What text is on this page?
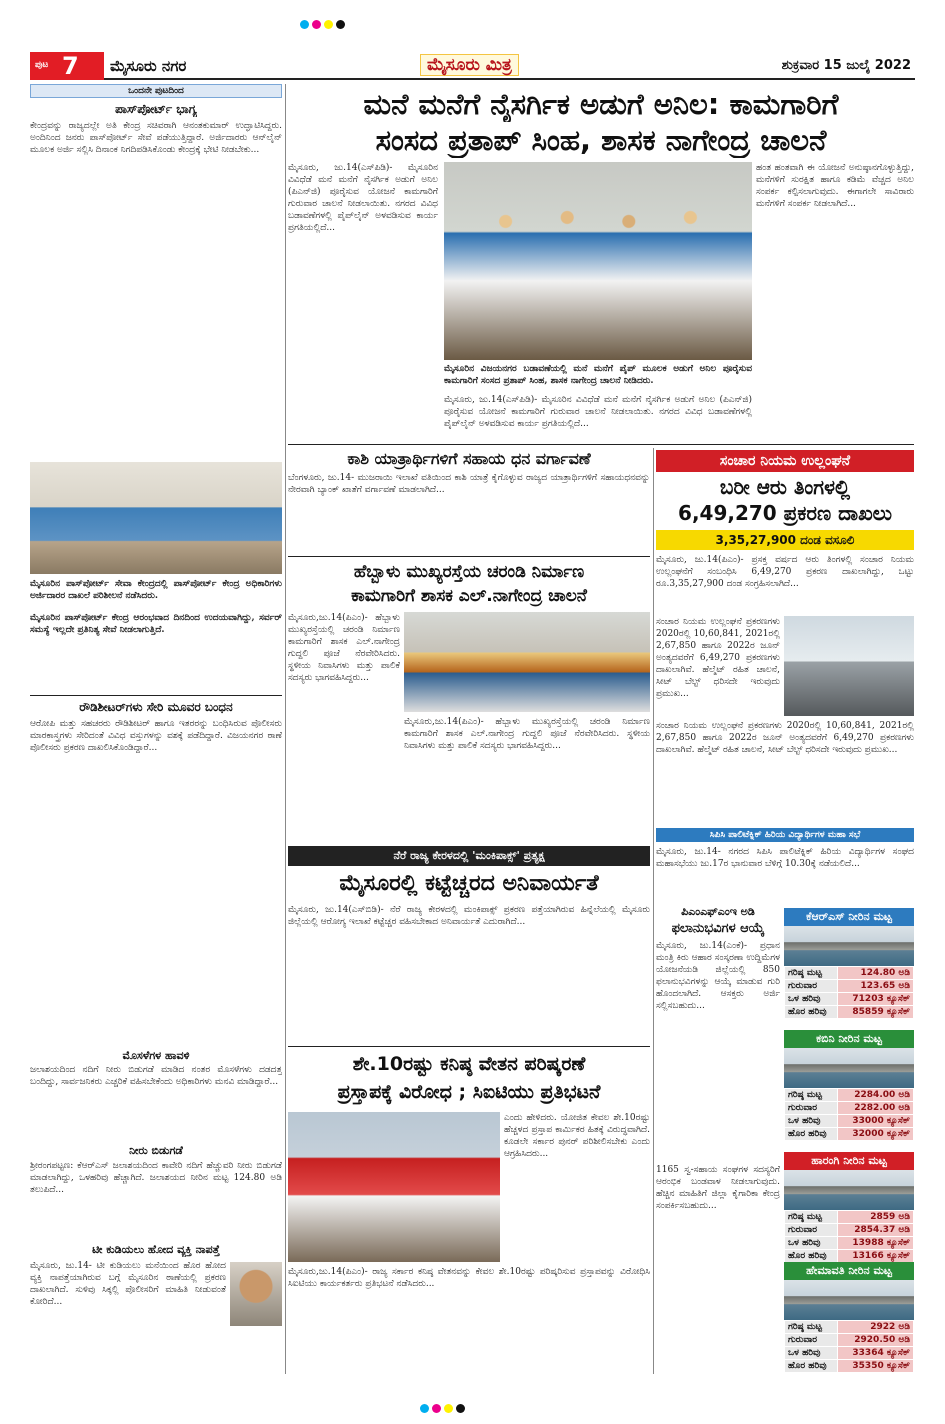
ಪುಟ 7 ಮೈಸೂರು ನಗರ	ಮೈಸೂರು ಮಿತ್ರ	ಶುಕ್ರವಾರ 15 ಜುಲೈ 2022
ಒಂದನೇ ಪುಟದಿಂದ
ಪಾಸ್‌ಪೋರ್ಟ್ ಭಾಗ್ಯ
ಕೇಂದ್ರವನ್ನು ರಾಜ್ಯದಲ್ಲೇ ಅತಿ ಕೇಂದ್ರ ಸಚಿವರಾಗಿ ಆನಂತಕುಮಾರ್ ಉದ್ಘಾಟಿಸಿದ್ದರು. ಅಂದಿನಿಂದ ಜನರು ಪಾಸ್‌ಪೋರ್ಟ್ ಸೇವೆ ಪಡೆಯುತ್ತಿದ್ದಾರೆ. ಅರ್ಜಿದಾರರು ಆನ್‌ಲೈನ್ ಮೂಲಕ ಅರ್ಜಿ ಸಲ್ಲಿಸಿ ದಿನಾಂಕ ನಿಗದಿಪಡಿಸಿಕೊಂಡು ಕೇಂದ್ರಕ್ಕೆ ಭೇಟಿ ನೀಡಬೇಕು...
ಮೈಸೂರಿನ ಪಾಸ್‌ಪೋರ್ಟ್ ಸೇವಾ ಕೇಂದ್ರದಲ್ಲಿ ಪಾಸ್‌ಪೋರ್ಟ್ ಕೇಂದ್ರ ಅಧಿಕಾರಿಗಳು ಅರ್ಜಿದಾರರ ದಾಖಲೆ ಪರಿಶೀಲನೆ ನಡೆಸಿದರು.
ಮೈಸೂರಿನ ಪಾಸ್‌ಪೋರ್ಟ್ ಕೇಂದ್ರ ಆರಂಭವಾದ ದಿನದಿಂದ ಉದಯವಾಗಿದ್ದು, ಸರ್ವರ್ ಸಮಸ್ಯೆ ಇಲ್ಲದೇ ಪ್ರತಿನಿತ್ಯ ಸೇವೆ ನೀಡಲಾಗುತ್ತಿದೆ.
ರೌಡಿಶೀಟರ್‌ಗಳು ಸೇರಿ ಮೂವರ ಬಂಧನ
ಆರೋಪಿ ಮತ್ತು ಸಹಚರರು ರೌಡಿಶೀಟರ್ ಹಾಗೂ ಇತರರನ್ನು ಬಂಧಿಸಿರುವ ಪೊಲೀಸರು ಮಾರಕಾಸ್ತ್ರಗಳು ಸೇರಿದಂತೆ ವಿವಿಧ ವಸ್ತುಗಳನ್ನು ವಶಕ್ಕೆ ಪಡೆದಿದ್ದಾರೆ. ವಿಜಯನಗರ ಠಾಣೆ ಪೊಲೀಸರು ಪ್ರಕರಣ ದಾಖಲಿಸಿಕೊಂಡಿದ್ದಾರೆ...
ಮೊಸಳೆಗಳ ಹಾವಳಿ
ಜಲಾಶಯದಿಂದ ನದಿಗೆ ನೀರು ಬಿಡುಗಡೆ ಮಾಡಿದ ನಂತರ ಮೊಸಳೆಗಳು ದಡದತ್ತ ಬಂದಿದ್ದು, ಸಾರ್ವಜನಿಕರು ಎಚ್ಚರಿಕೆ ವಹಿಸಬೇಕೆಂದು ಅಧಿಕಾರಿಗಳು ಮನವಿ ಮಾಡಿದ್ದಾರೆ...
ನೀರು ಬಿಡುಗಡೆ
ಶ್ರೀರಂಗಪಟ್ಟಣ: ಕೆಆರ್‌ಎಸ್ ಜಲಾಶಯದಿಂದ ಕಾವೇರಿ ನದಿಗೆ ಹೆಚ್ಚುವರಿ ನೀರು ಬಿಡುಗಡೆ ಮಾಡಲಾಗಿದ್ದು, ಒಳಹರಿವು ಹೆಚ್ಚಾಗಿದೆ. ಜಲಾಶಯದ ನೀರಿನ ಮಟ್ಟ 124.80 ಅಡಿ ತಲುಪಿದೆ...
ಟೀ ಕುಡಿಯಲು ಹೋದ ವ್ಯಕ್ತಿ ನಾಪತ್ತೆ
ಮೈಸೂರು, ಜು.14- ಟೀ ಕುಡಿಯಲು ಮನೆಯಿಂದ ಹೊರ ಹೋದ ವ್ಯಕ್ತಿ ನಾಪತ್ತೆಯಾಗಿರುವ ಬಗ್ಗೆ ಮೈಸೂರಿನ ಠಾಣೆಯಲ್ಲಿ ಪ್ರಕರಣ ದಾಖಲಾಗಿದೆ. ಸುಳಿವು ಸಿಕ್ಕಲ್ಲಿ ಪೊಲೀಸರಿಗೆ ಮಾಹಿತಿ ನೀಡುವಂತೆ ಕೋರಿದೆ...
ಮನೆ ಮನೆಗೆ ನೈಸರ್ಗಿಕ ಅಡುಗೆ ಅನಿಲ: ಕಾಮಗಾರಿಗೆ
ಸಂಸದ ಪ್ರತಾಪ್ ಸಿಂಹ, ಶಾಸಕ ನಾಗೇಂದ್ರ ಚಾಲನೆ
ಮೈಸೂರು, ಜು.14(ಎಸ್‌ಪಿಡಿ)- ಮೈಸೂರಿನ ವಿವಿಧೆಡೆ ಮನೆ ಮನೆಗೆ ನೈಸರ್ಗಿಕ ಅಡುಗೆ ಅನಿಲ (ಪಿಎನ್‌ಜಿ) ಪೂರೈಸುವ ಯೋಜನೆ ಕಾಮಗಾರಿಗೆ ಗುರುವಾರ ಚಾಲನೆ ನೀಡಲಾಯಿತು. ನಗರದ ವಿವಿಧ ಬಡಾವಣೆಗಳಲ್ಲಿ ಪೈಪ್‌ಲೈನ್ ಅಳವಡಿಸುವ ಕಾರ್ಯ ಪ್ರಗತಿಯಲ್ಲಿದೆ...
ಮೈಸೂರಿನ ವಿಜಯನಗರ ಬಡಾವಣೆಯಲ್ಲಿ ಮನೆ ಮನೆಗೆ ಪೈಪ್ ಮೂಲಕ ಅಡುಗೆ ಅನಿಲ ಪೂರೈಸುವ ಕಾಮಗಾರಿಗೆ ಸಂಸದ ಪ್ರತಾಪ್ ಸಿಂಹ, ಶಾಸಕ ನಾಗೇಂದ್ರ ಚಾಲನೆ ನೀಡಿದರು.
ಮೈಸೂರು, ಜು.14(ಎಸ್‌ಪಿಡಿ)- ಮೈಸೂರಿನ ವಿವಿಧೆಡೆ ಮನೆ ಮನೆಗೆ ನೈಸರ್ಗಿಕ ಅಡುಗೆ ಅನಿಲ (ಪಿಎನ್‌ಜಿ) ಪೂರೈಸುವ ಯೋಜನೆ ಕಾಮಗಾರಿಗೆ ಗುರುವಾರ ಚಾಲನೆ ನೀಡಲಾಯಿತು. ನಗರದ ವಿವಿಧ ಬಡಾವಣೆಗಳಲ್ಲಿ ಪೈಪ್‌ಲೈನ್ ಅಳವಡಿಸುವ ಕಾರ್ಯ ಪ್ರಗತಿಯಲ್ಲಿದೆ...
ಹಂತ ಹಂತವಾಗಿ ಈ ಯೋಜನೆ ಅನುಷ್ಠಾನಗೊಳ್ಳುತ್ತಿದ್ದು, ಮನೆಗಳಿಗೆ ಸುರಕ್ಷಿತ ಹಾಗೂ ಕಡಿಮೆ ವೆಚ್ಚದ ಅನಿಲ ಸಂಪರ್ಕ ಕಲ್ಪಿಸಲಾಗುವುದು. ಈಗಾಗಲೇ ಸಾವಿರಾರು ಮನೆಗಳಿಗೆ ಸಂಪರ್ಕ ನೀಡಲಾಗಿದೆ...
ಕಾಶಿ ಯಾತ್ರಾರ್ಥಿಗಳಿಗೆ ಸಹಾಯ ಧನ ವರ್ಗಾವಣೆ
ಬೆಂಗಳೂರು, ಜು.14- ಮುಜರಾಯಿ ಇಲಾಖೆ ವತಿಯಿಂದ ಕಾಶಿ ಯಾತ್ರೆ ಕೈಗೊಳ್ಳುವ ರಾಜ್ಯದ ಯಾತ್ರಾರ್ಥಿಗಳಿಗೆ ಸಹಾಯಧನವನ್ನು ನೇರವಾಗಿ ಬ್ಯಾಂಕ್ ಖಾತೆಗೆ ವರ್ಗಾವಣೆ ಮಾಡಲಾಗಿದೆ...
ಹೆಬ್ಬಾಳು ಮುಖ್ಯರಸ್ತೆಯ ಚರಂಡಿ ನಿರ್ಮಾಣ
ಕಾಮಗಾರಿಗೆ ಶಾಸಕ ಎಲ್.ನಾಗೇಂದ್ರ ಚಾಲನೆ
ಮೈಸೂರು,ಜು.14(ಪಿಎಂ)- ಹೆಬ್ಬಾಳು ಮುಖ್ಯರಸ್ತೆಯಲ್ಲಿ ಚರಂಡಿ ನಿರ್ಮಾಣ ಕಾಮಗಾರಿಗೆ ಶಾಸಕ ಎಲ್.ನಾಗೇಂದ್ರ ಗುದ್ದಲಿ ಪೂಜೆ ನೆರವೇರಿಸಿದರು. ಸ್ಥಳೀಯ ನಿವಾಸಿಗಳು ಮತ್ತು ಪಾಲಿಕೆ ಸದಸ್ಯರು ಭಾಗವಹಿಸಿದ್ದರು...
ಮೈಸೂರು,ಜು.14(ಪಿಎಂ)- ಹೆಬ್ಬಾಳು ಮುಖ್ಯರಸ್ತೆಯಲ್ಲಿ ಚರಂಡಿ ನಿರ್ಮಾಣ ಕಾಮಗಾರಿಗೆ ಶಾಸಕ ಎಲ್.ನಾಗೇಂದ್ರ ಗುದ್ದಲಿ ಪೂಜೆ ನೆರವೇರಿಸಿದರು. ಸ್ಥಳೀಯ ನಿವಾಸಿಗಳು ಮತ್ತು ಪಾಲಿಕೆ ಸದಸ್ಯರು ಭಾಗವಹಿಸಿದ್ದರು...
ನೆರೆ ರಾಜ್ಯ ಕೇರಳದಲ್ಲಿ 'ಮಂಕಿಪಾಕ್ಸ್' ಪ್ರತ್ಯಕ್ಷ
ಮೈಸೂರಲ್ಲಿ ಕಟ್ಟೆಚ್ಚರದ ಅನಿವಾರ್ಯತೆ
ಮೈಸೂರು, ಜು.14(ಎಸ್‌ಬಿಡಿ)- ನೆರೆ ರಾಜ್ಯ ಕೇರಳದಲ್ಲಿ ಮಂಕಿಪಾಕ್ಸ್ ಪ್ರಕರಣ ಪತ್ತೆಯಾಗಿರುವ ಹಿನ್ನೆಲೆಯಲ್ಲಿ ಮೈಸೂರು ಜಿಲ್ಲೆಯಲ್ಲಿ ಆರೋಗ್ಯ ಇಲಾಖೆ ಕಟ್ಟೆಚ್ಚರ ವಹಿಸಬೇಕಾದ ಅನಿವಾರ್ಯತೆ ಎದುರಾಗಿದೆ...
ಶೇ.10ರಷ್ಟು ಕನಿಷ್ಠ ವೇತನ ಪರಿಷ್ಕರಣೆ
ಪ್ರಸ್ತಾಪಕ್ಕೆ ವಿರೋಧ ; ಸಿಐಟಿಯು ಪ್ರತಿಭಟನೆ
ಎಂದು ಹೇಳಿದರು. ಯೋಜಿತ ಕೇವಲ ಶೇ.10ರಷ್ಟು ಹೆಚ್ಚಳದ ಪ್ರಸ್ತಾಪ ಕಾರ್ಮಿಕರ ಹಿತಕ್ಕೆ ವಿರುದ್ಧವಾಗಿದೆ. ಕೂಡಲೇ ಸರ್ಕಾರ ಪುನರ್ ಪರಿಶೀಲಿಸಬೇಕು ಎಂದು ಆಗ್ರಹಿಸಿದರು...
ಮೈಸೂರು,ಜು.14(ಪಿಎಂ)- ರಾಜ್ಯ ಸರ್ಕಾರ ಕನಿಷ್ಠ ವೇತನವನ್ನು ಕೇವಲ ಶೇ.10ರಷ್ಟು ಪರಿಷ್ಕರಿಸುವ ಪ್ರಸ್ತಾಪವನ್ನು ವಿರೋಧಿಸಿ ಸಿಐಟಿಯು ಕಾರ್ಯಕರ್ತರು ಪ್ರತಿಭಟನೆ ನಡೆಸಿದರು...
ಸಂಚಾರ ನಿಯಮ ಉಲ್ಲಂಘನೆ
ಬರೀ ಆರು ತಿಂಗಳಲ್ಲಿ
6,49,270 ಪ್ರಕರಣ ದಾಖಲು
3,35,27,900 ದಂಡ ವಸೂಲಿ
ಮೈಸೂರು, ಜು.14(ಪಿಎಂ)- ಪ್ರಸಕ್ತ ವರ್ಷದ ಆರು ತಿಂಗಳಲ್ಲಿ ಸಂಚಾರ ನಿಯಮ ಉಲ್ಲಂಘನೆಗೆ ಸಂಬಂಧಿಸಿ 6,49,270 ಪ್ರಕರಣ ದಾಖಲಾಗಿದ್ದು, ಒಟ್ಟು ರೂ.3,35,27,900 ದಂಡ ಸಂಗ್ರಹಿಸಲಾಗಿದೆ...
ಸಂಚಾರ ನಿಯಮ ಉಲ್ಲಂಘನೆ ಪ್ರಕರಣಗಳು 2020ರಲ್ಲಿ 10,60,841, 2021ರಲ್ಲಿ 2,67,850 ಹಾಗೂ 2022ರ ಜೂನ್ ಅಂತ್ಯದವರೆಗೆ 6,49,270 ಪ್ರಕರಣಗಳು ದಾಖಲಾಗಿವೆ. ಹೆಲ್ಮೆಟ್ ರಹಿತ ಚಾಲನೆ, ಸೀಟ್ ಬೆಲ್ಟ್ ಧರಿಸದೇ ಇರುವುದು ಪ್ರಮುಖ...
ಸಂಚಾರ ನಿಯಮ ಉಲ್ಲಂಘನೆ ಪ್ರಕರಣಗಳು 2020ರಲ್ಲಿ 10,60,841, 2021ರಲ್ಲಿ 2,67,850 ಹಾಗೂ 2022ರ ಜೂನ್ ಅಂತ್ಯದವರೆಗೆ 6,49,270 ಪ್ರಕರಣಗಳು ದಾಖಲಾಗಿವೆ. ಹೆಲ್ಮೆಟ್ ರಹಿತ ಚಾಲನೆ, ಸೀಟ್ ಬೆಲ್ಟ್ ಧರಿಸದೇ ಇರುವುದು ಪ್ರಮುಖ...
ಸಿಪಿಸಿ ಪಾಲಿಟೆಕ್ನಿಕ್ ಹಿರಿಯ ವಿದ್ಯಾರ್ಥಿಗಳ ಮಹಾ ಸಭೆ
ಮೈಸೂರು, ಜು.14- ನಗರದ ಸಿಪಿಸಿ ಪಾಲಿಟೆಕ್ನಿಕ್ ಹಿರಿಯ ವಿದ್ಯಾರ್ಥಿಗಳ ಸಂಘದ ಮಹಾಸಭೆಯು ಜು.17ರ ಭಾನುವಾರ ಬೆಳಿಗ್ಗೆ 10.30ಕ್ಕೆ ನಡೆಯಲಿದೆ...
ಪಿಎಂಎಫ್‌ಎಂಇ ಅಡಿ
ಫಲಾನುಭವಿಗಳ ಆಯ್ಕೆ
ಮೈಸೂರು, ಜು.14(ಎಂಕೆ)- ಪ್ರಧಾನ ಮಂತ್ರಿ ಕಿರು ಆಹಾರ ಸಂಸ್ಕರಣಾ ಉದ್ದಿಮೆಗಳ ಯೋಜನೆಯಡಿ ಜಿಲ್ಲೆಯಲ್ಲಿ 850 ಫಲಾನುಭವಿಗಳನ್ನು ಆಯ್ಕೆ ಮಾಡುವ ಗುರಿ ಹೊಂದಲಾಗಿದೆ. ಆಸಕ್ತರು ಅರ್ಜಿ ಸಲ್ಲಿಸಬಹುದು...
1165 ಸ್ವ-ಸಹಾಯ ಸಂಘಗಳ ಸದಸ್ಯರಿಗೆ ಆರಂಭಿಕ ಬಂಡವಾಳ ನೀಡಲಾಗುವುದು. ಹೆಚ್ಚಿನ ಮಾಹಿತಿಗೆ ಜಿಲ್ಲಾ ಕೈಗಾರಿಕಾ ಕೇಂದ್ರ ಸಂಪರ್ಕಿಸಬಹುದು...
ಕೆಆರ್‌ಎಸ್ ನೀರಿನ ಮಟ್ಟ
ಗರಿಷ್ಠ ಮಟ್ಟ	124.80 ಅಡಿ
ಗುರುವಾರ	123.65 ಅಡಿ
ಒಳ ಹರಿವು	71203 ಕ್ಯೂಸೆಕ್
ಹೊರ ಹರಿವು	85859 ಕ್ಯೂಸೆಕ್
ಕಬಿನಿ ನೀರಿನ ಮಟ್ಟ
ಗರಿಷ್ಠ ಮಟ್ಟ	2284.00 ಅಡಿ
ಗುರುವಾರ	2282.00 ಅಡಿ
ಒಳ ಹರಿವು	33000 ಕ್ಯೂಸೆಕ್
ಹೊರ ಹರಿವು	32000 ಕ್ಯೂಸೆಕ್
ಹಾರಂಗಿ ನೀರಿನ ಮಟ್ಟ
ಗರಿಷ್ಠ ಮಟ್ಟ	2859 ಅಡಿ
ಗುರುವಾರ	2854.37 ಅಡಿ
ಒಳ ಹರಿವು	13988 ಕ್ಯೂಸೆಕ್
ಹೊರ ಹರಿವು	13166 ಕ್ಯೂಸೆಕ್
ಹೇಮಾವತಿ ನೀರಿನ ಮಟ್ಟ
ಗರಿಷ್ಠ ಮಟ್ಟ	2922 ಅಡಿ
ಗುರುವಾರ	2920.50 ಅಡಿ
ಒಳ ಹರಿವು	33364 ಕ್ಯೂಸೆಕ್
ಹೊರ ಹರಿವು	35350 ಕ್ಯೂಸೆಕ್
